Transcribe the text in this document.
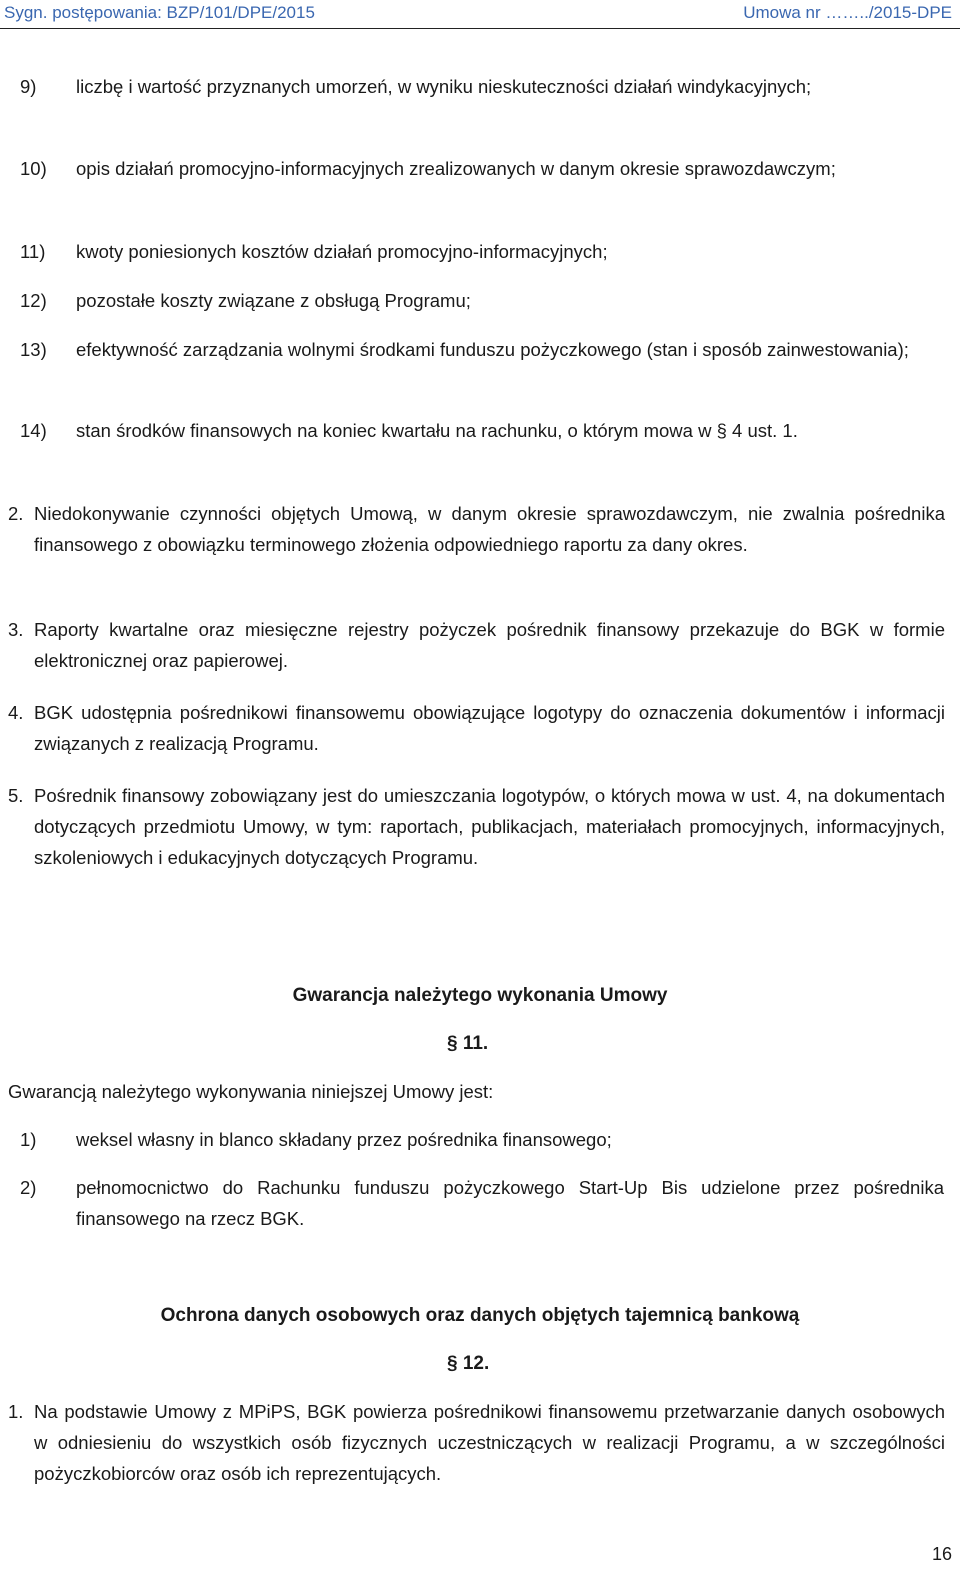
Sygn. postępowania: BZP/101/DPE/2015	Umowa nr ……../2015-DPE
9) liczbę i wartość przyznanych umorzeń, w wyniku nieskuteczności działań windykacyjnych;
10) opis działań promocyjno-informacyjnych zrealizowanych w danym okresie sprawozdawczym;
11) kwoty poniesionych kosztów działań promocyjno-informacyjnych;
12) pozostałe koszty związane z obsługą Programu;
13) efektywność zarządzania wolnymi środkami funduszu pożyczkowego (stan i sposób zainwestowania);
14) stan środków finansowych na koniec kwartału na rachunku, o którym mowa w § 4 ust. 1.
2. Niedokonywanie czynności objętych Umową, w danym okresie sprawozdawczym, nie zwalnia pośrednika finansowego z obowiązku terminowego złożenia odpowiedniego raportu za dany okres.
3. Raporty kwartalne oraz miesięczne rejestry pożyczek pośrednik finansowy przekazuje do BGK w formie elektronicznej oraz papierowej.
4. BGK udostępnia pośrednikowi finansowemu obowiązujące logotypy do oznaczenia dokumentów i informacji związanych z realizacją Programu.
5. Pośrednik finansowy zobowiązany jest do umieszczania logotypów, o których mowa w ust. 4, na dokumentach dotyczących przedmiotu Umowy, w tym: raportach, publikacjach, materiałach promocyjnych, informacyjnych, szkoleniowych i edukacyjnych dotyczących Programu.
Gwarancja należytego wykonania Umowy
§ 11.
Gwarancją należytego wykonywania niniejszej Umowy jest:
1) weksel własny in blanco składany przez pośrednika finansowego;
2) pełnomocnictwo do Rachunku funduszu pożyczkowego Start-Up Bis udzielone przez pośrednika finansowego na rzecz BGK.
Ochrona danych osobowych oraz danych objętych tajemnicą bankową
§ 12.
1. Na podstawie Umowy z MPiPS, BGK powierza pośrednikowi finansowemu przetwarzanie danych osobowych w odniesieniu do wszystkich osób fizycznych uczestniczących w realizacji Programu, a w szczególności pożyczkobiorców oraz osób ich reprezentujących.
16
